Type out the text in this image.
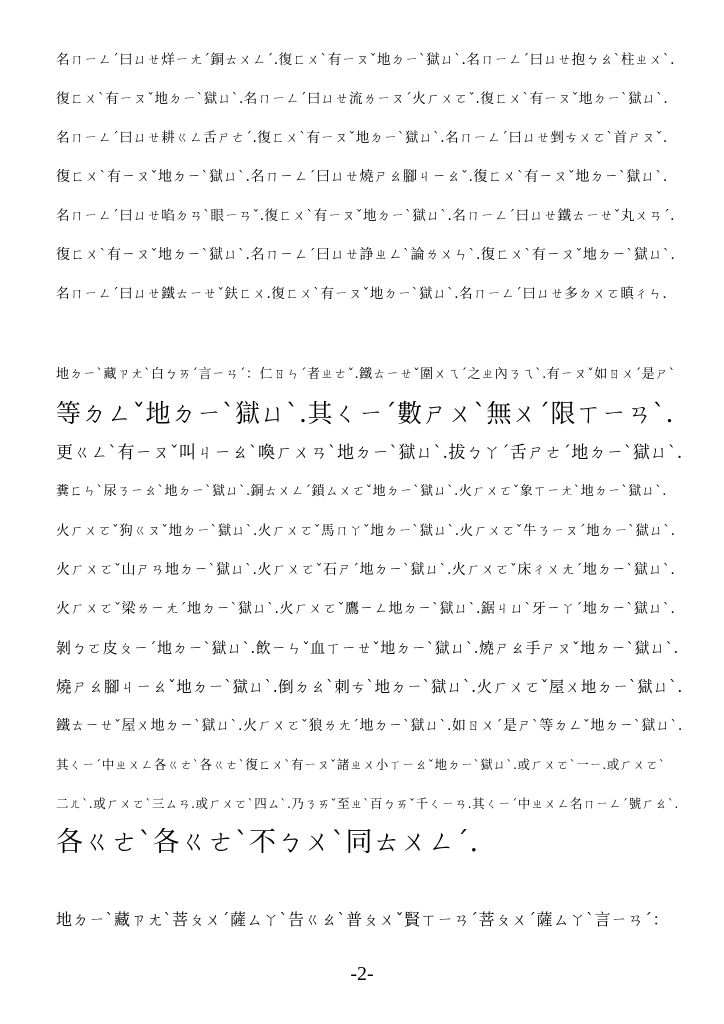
名ㄇㄧㄥˊ曰ㄩㄝ烊ㄧㄤˊ銅ㄊㄨㄥˊ.復ㄈㄨˋ有ㄧㄡˇ地ㄉㄧˋ獄ㄩˋ.名ㄇㄧㄥˊ曰ㄩㄝ抱ㄅㄠˋ柱ㄓㄨˋ.
復ㄈㄨˋ有ㄧㄡˇ地ㄉㄧˋ獄ㄩˋ.名ㄇㄧㄥˊ曰ㄩㄝ流ㄌㄧㄡˊ火ㄏㄨㄛˇ.復ㄈㄨˋ有ㄧㄡˇ地ㄉㄧˋ獄ㄩˋ.
名ㄇㄧㄥˊ曰ㄩㄝ耕ㄍㄥ舌ㄕㄜˊ.復ㄈㄨˋ有ㄧㄡˇ地ㄉㄧˋ獄ㄩˋ.名ㄇㄧㄥˊ曰ㄩㄝ剉ㄘㄨㄛˋ首ㄕㄡˇ.
復ㄈㄨˋ有ㄧㄡˇ地ㄉㄧˋ獄ㄩˋ.名ㄇㄧㄥˊ曰ㄩㄝ燒ㄕㄠ腳ㄐㄧㄠˇ.復ㄈㄨˋ有ㄧㄡˇ地ㄉㄧˋ獄ㄩˋ.
名ㄇㄧㄥˊ曰ㄩㄝ啗ㄉㄢˋ眼ㄧㄢˇ.復ㄈㄨˋ有ㄧㄡˇ地ㄉㄧˋ獄ㄩˋ.名ㄇㄧㄥˊ曰ㄩㄝ鐵ㄊㄧㄝˇ丸ㄨㄢˊ.
復ㄈㄨˋ有ㄧㄡˇ地ㄉㄧˋ獄ㄩˋ.名ㄇㄧㄥˊ曰ㄩㄝ諍ㄓㄥˋ論ㄌㄨㄣˋ.復ㄈㄨˋ有ㄧㄡˇ地ㄉㄧˋ獄ㄩˋ.
名ㄇㄧㄥˊ曰ㄩㄝ鐵ㄊㄧㄝˇ鈇ㄈㄨ.復ㄈㄨˋ有ㄧㄡˇ地ㄉㄧˋ獄ㄩˋ.名ㄇㄧㄥˊ曰ㄩㄝ多ㄉㄨㄛ瞋ㄔㄣ.
地ㄉㄧˋ藏ㄗㄤˋ白ㄅㄞˊ言ㄧㄢˊ：仁ㄖㄣˊ者ㄓㄜˇ.鐵ㄊㄧㄝˇ圍ㄨㄟˊ之ㄓ內ㄋㄟˋ.有ㄧㄡˇ如ㄖㄨˊ是ㄕˋ
等ㄉㄥˇ地ㄉㄧˋ獄ㄩˋ.其ㄑㄧˊ數ㄕㄨˋ無ㄨˊ限ㄒㄧㄢˋ.
更ㄍㄥˋ有ㄧㄡˇ叫ㄐㄧㄠˋ喚ㄏㄨㄢˋ地ㄉㄧˋ獄ㄩˋ.拔ㄅㄚˊ舌ㄕㄜˊ地ㄉㄧˋ獄ㄩˋ.
糞ㄈㄣˋ尿ㄋㄧㄠˋ地ㄉㄧˋ獄ㄩˋ.銅ㄊㄨㄥˊ鎖ㄙㄨㄛˇ地ㄉㄧˋ獄ㄩˋ.火ㄏㄨㄛˇ象ㄒㄧㄤˋ地ㄉㄧˋ獄ㄩˋ.
火ㄏㄨㄛˇ狗ㄍㄡˇ地ㄉㄧˋ獄ㄩˋ.火ㄏㄨㄛˇ馬ㄇㄚˇ地ㄉㄧˋ獄ㄩˋ.火ㄏㄨㄛˇ牛ㄋㄧㄡˊ地ㄉㄧˋ獄ㄩˋ.
火ㄏㄨㄛˇ山ㄕㄢ地ㄉㄧˋ獄ㄩˋ.火ㄏㄨㄛˇ石ㄕˊ地ㄉㄧˋ獄ㄩˋ.火ㄏㄨㄛˇ床ㄔㄨㄤˊ地ㄉㄧˋ獄ㄩˋ.
火ㄏㄨㄛˇ梁ㄌㄧㄤˊ地ㄉㄧˋ獄ㄩˋ.火ㄏㄨㄛˇ鷹ㄧㄥ地ㄉㄧˋ獄ㄩˋ.鋸ㄐㄩˋ牙ㄧㄚˊ地ㄉㄧˋ獄ㄩˋ.
剝ㄅㄛ皮ㄆㄧˊ地ㄉㄧˋ獄ㄩˋ.飲ㄧㄣˇ血ㄒㄧㄝˇ地ㄉㄧˋ獄ㄩˋ.燒ㄕㄠ手ㄕㄡˇ地ㄉㄧˋ獄ㄩˋ.
燒ㄕㄠ腳ㄐㄧㄠˇ地ㄉㄧˋ獄ㄩˋ.倒ㄉㄠˋ刺ㄘˋ地ㄉㄧˋ獄ㄩˋ.火ㄏㄨㄛˇ屋ㄨ地ㄉㄧˋ獄ㄩˋ.
鐵ㄊㄧㄝˇ屋ㄨ地ㄉㄧˋ獄ㄩˋ.火ㄏㄨㄛˇ狼ㄌㄤˊ地ㄉㄧˋ獄ㄩˋ.如ㄖㄨˊ是ㄕˋ等ㄉㄥˇ地ㄉㄧˋ獄ㄩˋ.
其ㄑㄧˊ中ㄓㄨㄥ各ㄍㄜˋ各ㄍㄜˋ復ㄈㄨˋ有ㄧㄡˇ諸ㄓㄨ小ㄒㄧㄠˇ地ㄉㄧˋ獄ㄩˋ.或ㄏㄨㄛˋ一ㄧ.或ㄏㄨㄛˋ
二ㄦˋ.或ㄏㄨㄛˋ三ㄙㄢ.或ㄏㄨㄛˋ四ㄙˋ.乃ㄋㄞˇ至ㄓˋ百ㄅㄞˇ千ㄑㄧㄢ.其ㄑㄧˊ中ㄓㄨㄥ名ㄇㄧㄥˊ號ㄏㄠˋ.
各ㄍㄜˋ各ㄍㄜˋ不ㄅㄨˋ同ㄊㄨㄥˊ.
地ㄉㄧˋ藏ㄗㄤˋ菩ㄆㄨˊ薩ㄙㄚˋ告ㄍㄠˋ普ㄆㄨˇ賢ㄒㄧㄢˊ菩ㄆㄨˊ薩ㄙㄚˋ言ㄧㄢˊ：
-2-
